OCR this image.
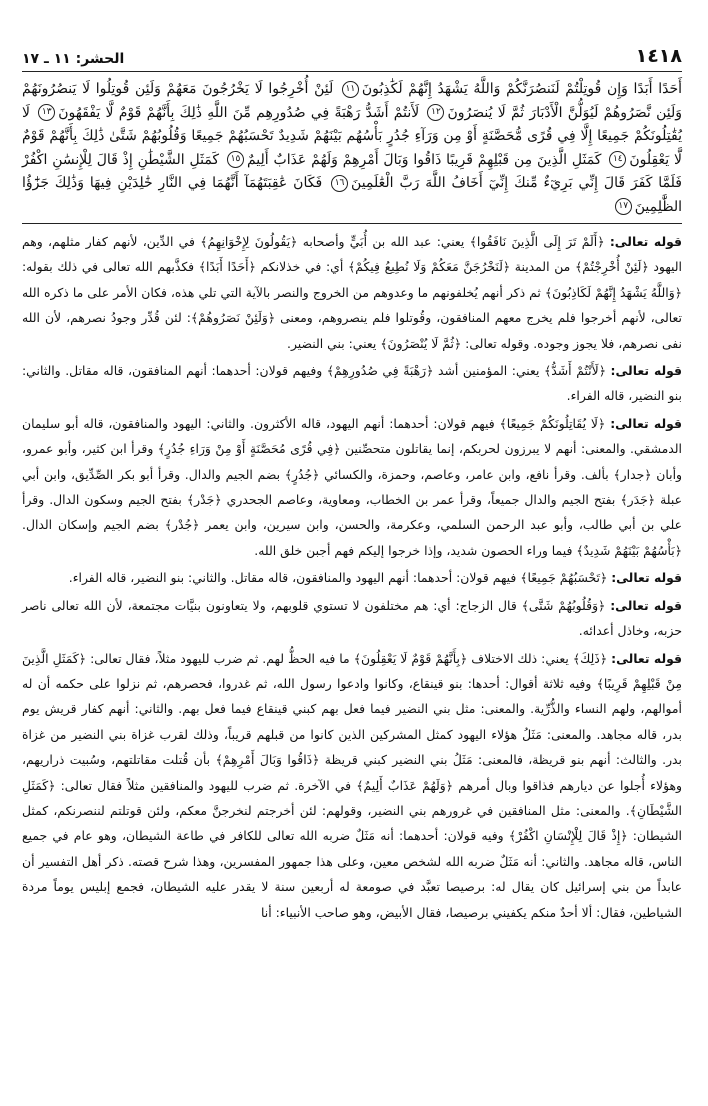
١٤١٨
الحشر: ١١ ـ ١٧
أَحَدًا أَبَدًا وَإِن قُوتِلْتُمْ لَنَنصُرَنَّكُمْ وَاللَّهُ يَشْهَدُ إِنَّهُمْ لَكَٰذِبُونَ١١ لَئِنْ أُخْرِجُوا لَا يَخْرُجُونَ مَعَهُمْ وَلَئِن قُوتِلُوا لَا يَنصُرُونَهُمْ وَلَئِن نَّصَرُوهُمْ لَيُوَلُّنَّ الْأَدْبَارَ ثُمَّ لَا يُنصَرُونَ١٢ لَأَنتُمْ أَشَدُّ رَهْبَةً فِي صُدُورِهِم مِّنَ اللَّهِ ذَٰلِكَ بِأَنَّهُمْ قَوْمٌ لَّا يَفْقَهُونَ١٣ لَا يُقَٰتِلُونَكُمْ جَمِيعًا إِلَّا فِي قُرًى مُّحَصَّنَةٍ أَوْ مِن وَرَآءِ جُدُرٍ بَأْسُهُم بَيْنَهُمْ شَدِيدٌ تَحْسَبُهُمْ جَمِيعًا وَقُلُوبُهُمْ شَتَّىٰ ذَٰلِكَ بِأَنَّهُمْ قَوْمٌ لَّا يَعْقِلُونَ١٤ كَمَثَلِ الَّذِينَ مِن قَبْلِهِمْ قَرِيبًا ذَاقُوا وَبَالَ أَمْرِهِمْ وَلَهُمْ عَذَابٌ أَلِيمٌ١٥ كَمَثَلِ الشَّيْطَٰنِ إِذْ قَالَ لِلْإِنسَٰنِ اكْفُرْ فَلَمَّا كَفَرَ قَالَ إِنِّي بَرِيٓءٌ مِّنكَ إِنِّيٓ أَخَافُ اللَّهَ رَبَّ الْعَٰلَمِينَ١٦ فَكَانَ عَٰقِبَتَهُمَآ أَنَّهُمَا فِي النَّارِ خَٰلِدَيْنِ فِيهَا وَذَٰلِكَ جَزَٰٓؤُا الظَّٰلِمِينَ١٧

قوله تعالى: ﴿أَلَمْ تَرَ إِلَى الَّذِينَ نَافَقُوا﴾ يعني: عبد الله بن أُبَيٍّ وأصحابه ﴿يَقُولُونَ لِإِخْوَانِهِمُ﴾ في الدِّين، لأنهم كفار مثلهم، وهم اليهود ﴿لَئِنْ أُخْرِجْتُمْ﴾ من المدينة ﴿لَنَخْرُجَنَّ مَعَكُمْ وَلَا نُطِيعُ فِيكُمْ﴾ أي: في خذلانكم ﴿أَحَدًا أَبَدًا﴾ فكذَّبهم الله تعالى في ذلك بقوله: ﴿وَاللَّهُ يَشْهَدُ إِنَّهُمْ لَكَاذِبُونَ﴾ ثم ذكر أنهم يُخلفونهم ما وعدوهم من الخروج والنصر بالآية التي تلي هذه، فكان الأمر على ما ذكره الله تعالى، لأنهم أخرجوا فلم يخرج معهم المنافقون، وقُوتلوا فلم ينصروهم، ومعنى ﴿وَلَئِنْ نَصَرُوهُمْ﴾: لئن قُدِّر وجودُ نصرهم، لأن الله نفى نصرهم، فلا يجوز وجوده. وقوله تعالى: ﴿ثُمَّ لَا يُنْصَرُونَ﴾ يعني: بني النضير.

قوله تعالى: ﴿لَأَنْتُمْ أَشَدُّ﴾ يعني: المؤمنين أشد ﴿رَهْبَةً فِي صُدُورِهِمْ﴾ وفيهم قولان: أحدهما: أنهم المنافقون، قاله مقاتل. والثاني: بنو النضير، قاله الفراء.

قوله تعالى: ﴿لَا يُقَاتِلُونَكُمْ جَمِيعًا﴾ فيهم قولان: أحدهما: أنهم اليهود، قاله الأكثرون. والثاني: اليهود والمنافقون، قاله أبو سليمان الدمشقي. والمعنى: أنهم لا يبرزون لحربكم، إنما يقاتلون متحصِّنين ﴿فِي قُرًى مُحَصَّنَةٍ أَوْ مِنْ وَرَاءِ جُدُرٍ﴾ وقرأ ابن كثير، وأبو عمرو، وأبان ﴿جدار﴾ بألف. وقرأ نافع، وابن عامر، وعاصم، وحمزة، والكسائي ﴿جُدُرٍ﴾ بضم الجيم والدال. وقرأ أبو بكر الصِّدِّيق، وابن أبي عبلة ﴿جَدَر﴾ بفتح الجيم والدال جميعاً، وقرأ عمر بن الخطاب، ومعاوية، وعاصم الجحدري ﴿جَدْر﴾ بفتح الجيم وسكون الدال. وقرأ علي بن أبي طالب، وأبو عبد الرحمن السلمي، وعكرمة، والحسن، وابن سيرين، وابن يعمر ﴿جُدْر﴾ بضم الجيم وإسكان الدال. ﴿بَأْسُهُمْ بَيْنَهُمْ شَدِيدٌ﴾ فيما وراء الحصون شديد، وإذا خرجوا إليكم فهم أجبن خلق الله.

قوله تعالى: ﴿تَحْسَبُهُمْ جَمِيعًا﴾ فيهم قولان: أحدهما: أنهم اليهود والمنافقون، قاله مقاتل. والثاني: بنو النضير، قاله الفراء.

قوله تعالى: ﴿وَقُلُوبُهُمْ شَتَّى﴾ قال الزجاج: أي: هم مختلفون لا تستوي قلوبهم، ولا يتعاونون بنيَّات مجتمعة، لأن الله تعالى ناصر حزبه، وخاذل أعدائه.

قوله تعالى: ﴿ذَلِكَ﴾ يعني: ذلك الاختلاف ﴿بِأَنَّهُمْ قَوْمٌ لَا يَعْقِلُونَ﴾ ما فيه الحظُّ لهم. ثم ضرب لليهود مثلاً، فقال تعالى: ﴿كَمَثَلِ الَّذِينَ مِنْ قَبْلِهِمْ قَرِيبًا﴾ وفيه ثلاثة أقوال: أحدها: بنو قينقاع، وكانوا وادعوا رسول الله، ثم غدروا، فحصرهم، ثم نزلوا على حكمه أن له أموالهم، ولهم النساء والذُّرِّية. والمعنى: مثل بني النضير فيما فعل بهم كبني قينقاع فيما فعل بهم. والثاني: أنهم كفار قريش يوم بدر، قاله مجاهد. والمعنى: مَثَلُ هؤلاء اليهود كمثل المشركين الذين كانوا من قبلهم قريباً، وذلك لقرب غزاة بني النضير من غزاة بدر. والثالث: أنهم بنو قريظة، فالمعنى: مَثَلُ بني النضير كبني قريظة ﴿ذَاقُوا وَبَالَ أَمْرِهِمْ﴾ بأن قُتلت مقاتلتهم، وسُبيت ذراريهم، وهؤلاء أُجلوا عن ديارهم فذاقوا وبال أمرهم ﴿وَلَهُمْ عَذَابٌ أَلِيمٌ﴾ في الآخرة. ثم ضرب لليهود والمنافقين مثلاً فقال تعالى: ﴿كَمَثَلِ الشَّيْطَانِ﴾. والمعنى: مثل المنافقين في غرورهم بني النضير، وقولهم: لئن أخرجتم لنخرجنَّ معكم، ولئن قوتلتم لننصرنكم، كمثل الشيطان: ﴿إِذْ قَالَ لِلْإِنْسَانِ اكْفُرْ﴾ وفيه قولان: أحدهما: أنه مَثَلٌ ضربه الله تعالى للكافر في طاعة الشيطان، وهو عام في جميع الناس، قاله مجاهد. والثاني: أنه مَثَلٌ ضربه الله لشخص معين، وعلى هذا جمهور المفسرين، وهذا شرح قصته. ذكر أهل التفسير أن عابداً من بني إسرائيل كان يقال له: برصيصا تعبَّد في صومعة له أربعين سنة لا يقدر عليه الشيطان، فجمع إبليس يوماً مردة الشياطين، فقال: ألا أحدٌ منكم يكفيني برصيصا، فقال الأبيض، وهو صاحب الأنبياء: أنا
